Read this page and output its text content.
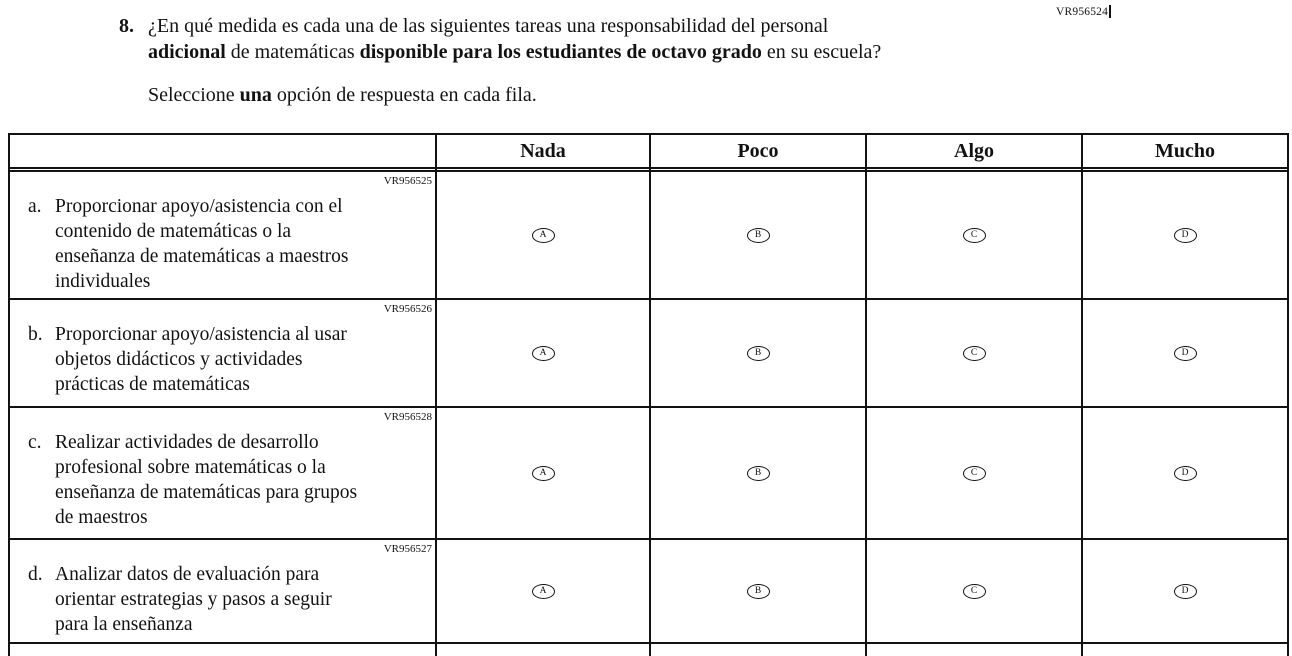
VR956524
8. ¿En qué medida es cada una de las siguientes tareas una responsabilidad del personal
adicional de matemáticas disponible para los estudiantes de octavo grado en su escuela?
Seleccione una opción de respuesta en cada fila.
Nada	Poco	Algo	Mucho
VR956525
a. Proporcionar apoyo/asistencia con el
contenido de matemáticas o la
enseñanza de matemáticas a maestros
individuales
A	B	C	D
VR956526
b. Proporcionar apoyo/asistencia al usar
objetos didácticos y actividades
prácticas de matemáticas
A	B	C	D
VR956528
c. Realizar actividades de desarrollo
profesional sobre matemáticas o la
enseñanza de matemáticas para grupos
de maestros
A	B	C	D
VR956527
d. Analizar datos de evaluación para
orientar estrategias y pasos a seguir
para la enseñanza
A	B	C	D
